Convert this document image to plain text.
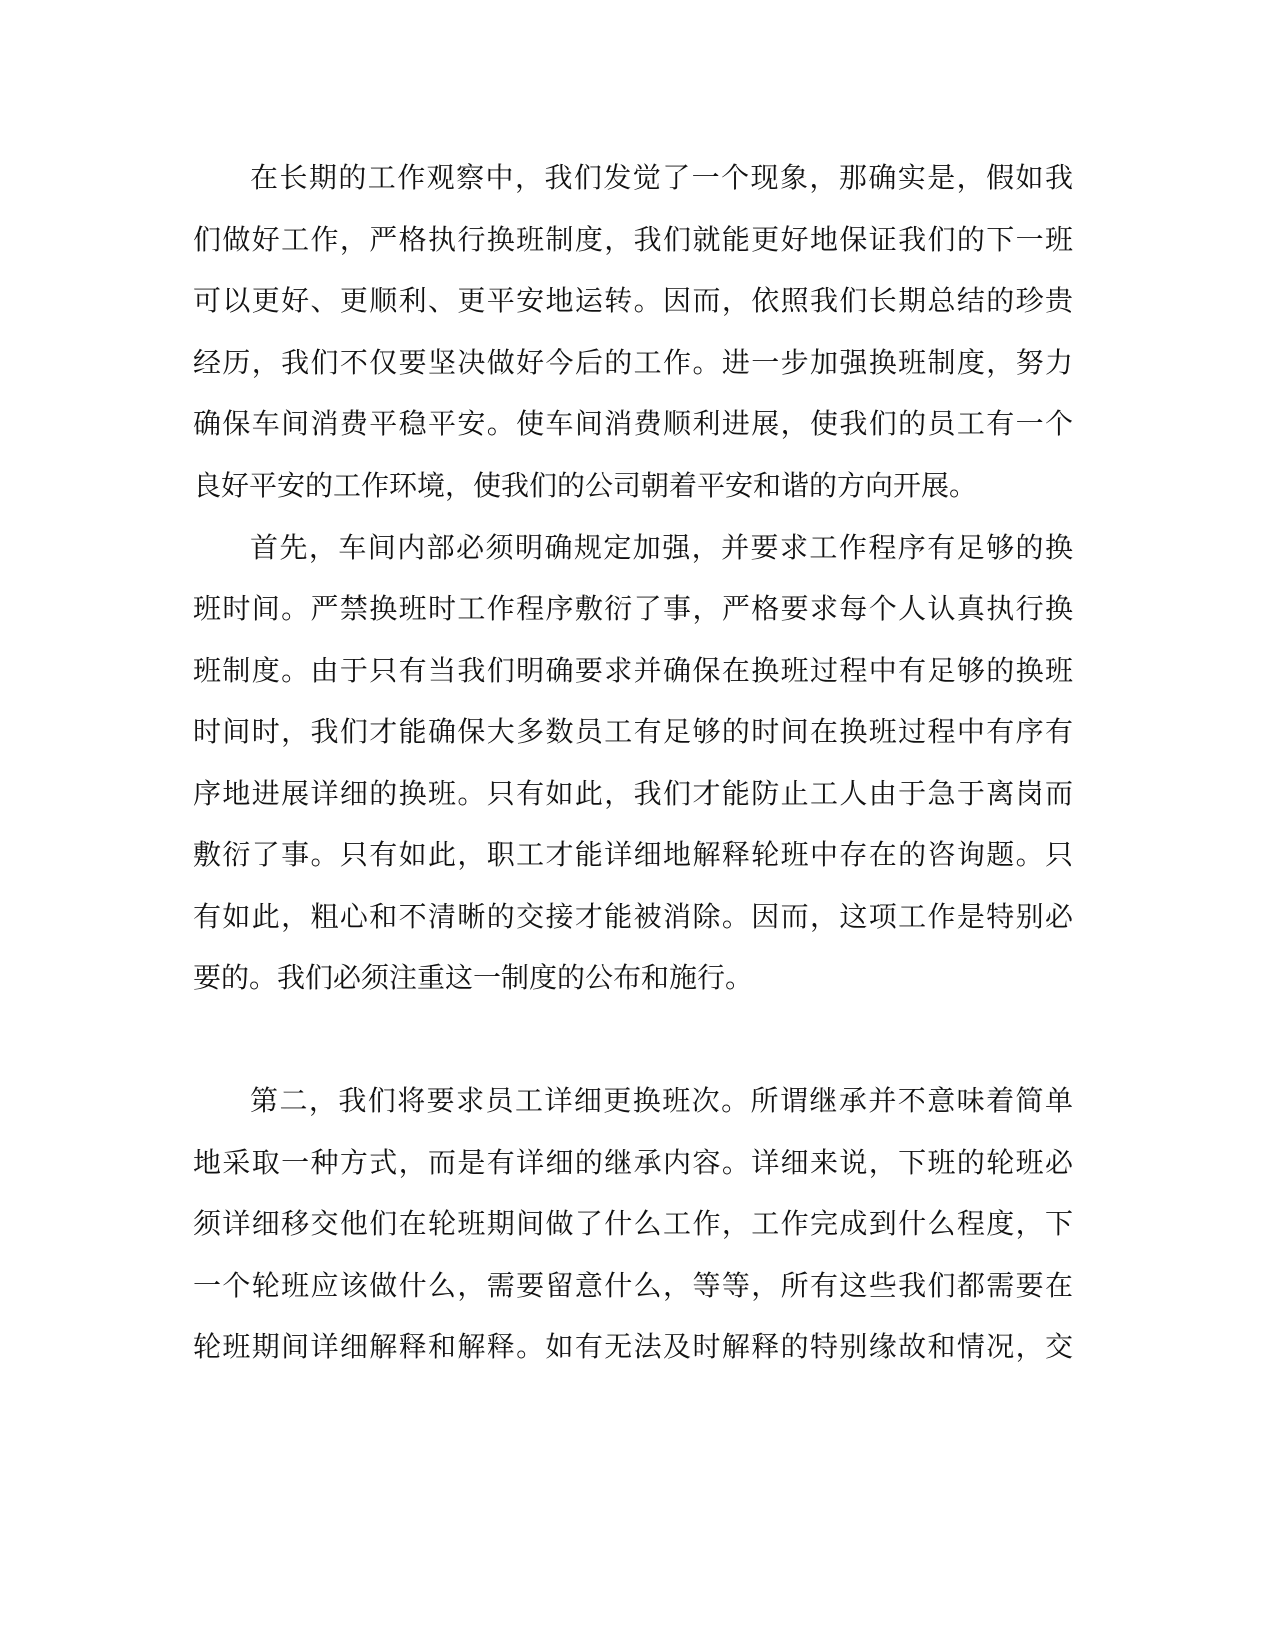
在长期的工作观察中，我们发觉了一个现象，那确实是，假如我
们做好工作，严格执行换班制度，我们就能更好地保证我们的下一班
可以更好、更顺利、更平安地运转。因而，依照我们长期总结的珍贵
经历，我们不仅要坚决做好今后的工作。进一步加强换班制度，努力
确保车间消费平稳平安。使车间消费顺利进展，使我们的员工有一个
良好平安的工作环境，使我们的公司朝着平安和谐的方向开展。
首先，车间内部必须明确规定加强，并要求工作程序有足够的换
班时间。严禁换班时工作程序敷衍了事，严格要求每个人认真执行换
班制度。由于只有当我们明确要求并确保在换班过程中有足够的换班
时间时，我们才能确保大多数员工有足够的时间在换班过程中有序有
序地进展详细的换班。只有如此，我们才能防止工人由于急于离岗而
敷衍了事。只有如此，职工才能详细地解释轮班中存在的咨询题。只
有如此，粗心和不清晰的交接才能被消除。因而，这项工作是特别必
要的。我们必须注重这一制度的公布和施行。
第二，我们将要求员工详细更换班次。所谓继承并不意味着简单
地采取一种方式，而是有详细的继承内容。详细来说，下班的轮班必
须详细移交他们在轮班期间做了什么工作，工作完成到什么程度，下
一个轮班应该做什么，需要留意什么，等等，所有这些我们都需要在
轮班期间详细解释和解释。如有无法及时解释的特别缘故和情况，交
